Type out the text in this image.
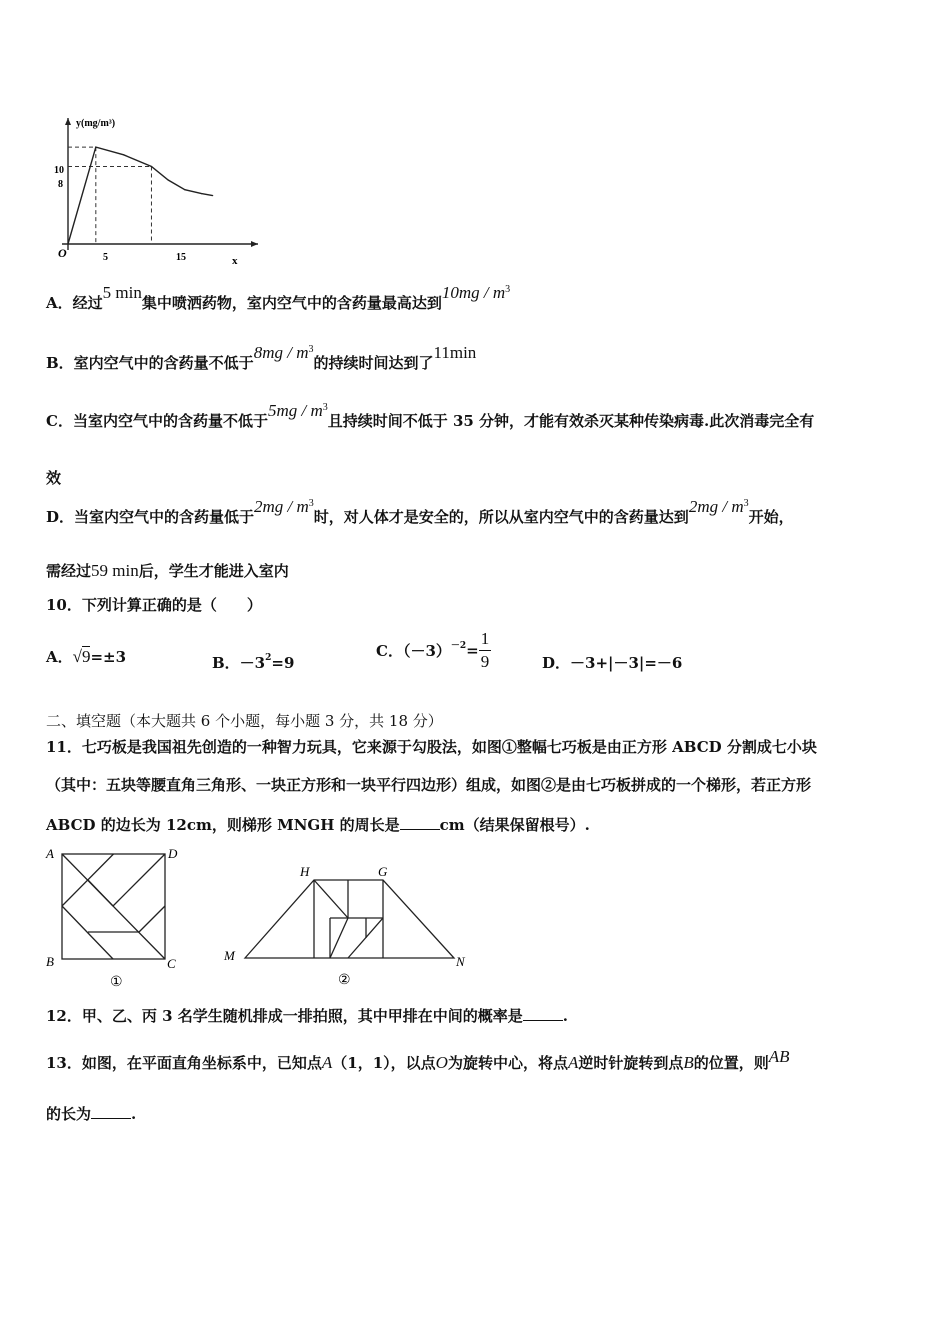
y(mg/m³)
x
O
10
8
5	15
A．经过5 min集中喷洒药物，室内空气中的含药量最高达到$10mg / m^3$
B．室内空气中的含药量不低于$8mg / m^3$的持续时间达到了11min
C．当室内空气中的含药量不低于$5mg / m^3$且持续时间不低于 35 分钟，才能有效杀灭某种传染病毒.此次消毒完全有
效
D．当室内空气中的含药量低于$2mg / m^3$时，对人体才是安全的，所以从室内空气中的含药量达到$2mg / m^3$开始，
需经过59 min后，学生才能进入室内
10．下列计算正确的是（　　）
A．√9=±3	B．$-3^2=9$
C．$(-3)^{-2}= \frac{1}{9}$	D．－3+|－3|=－6
二、填空题（本大题共 6 个小题，每小题 3 分，共 18 分）
11．七巧板是我国祖先创造的一种智力玩具，它来源于勾股法，如图①整幅七巧板是由正方形 ABCD 分割成七小块
（其中：五块等腰直角三角形、一块正方形和一块平行四边形）组成，如图②是由七巧板拼成的一个梯形，若正方形
ABCD 的边长为 12cm，则梯形 MNGH 的周长是	cm（结果保留根号）.
A	D
B	C
①
H	G
M	N
②
12．甲、乙、丙 3 名学生随机排成一排拍照，其中甲排在中间的概率是	.
13．如图，在平面直角坐标系中，已知点A（1，1），以点O为旋转中心，将点A逆时针旋转到点B的位置，则AB
的长为	.
